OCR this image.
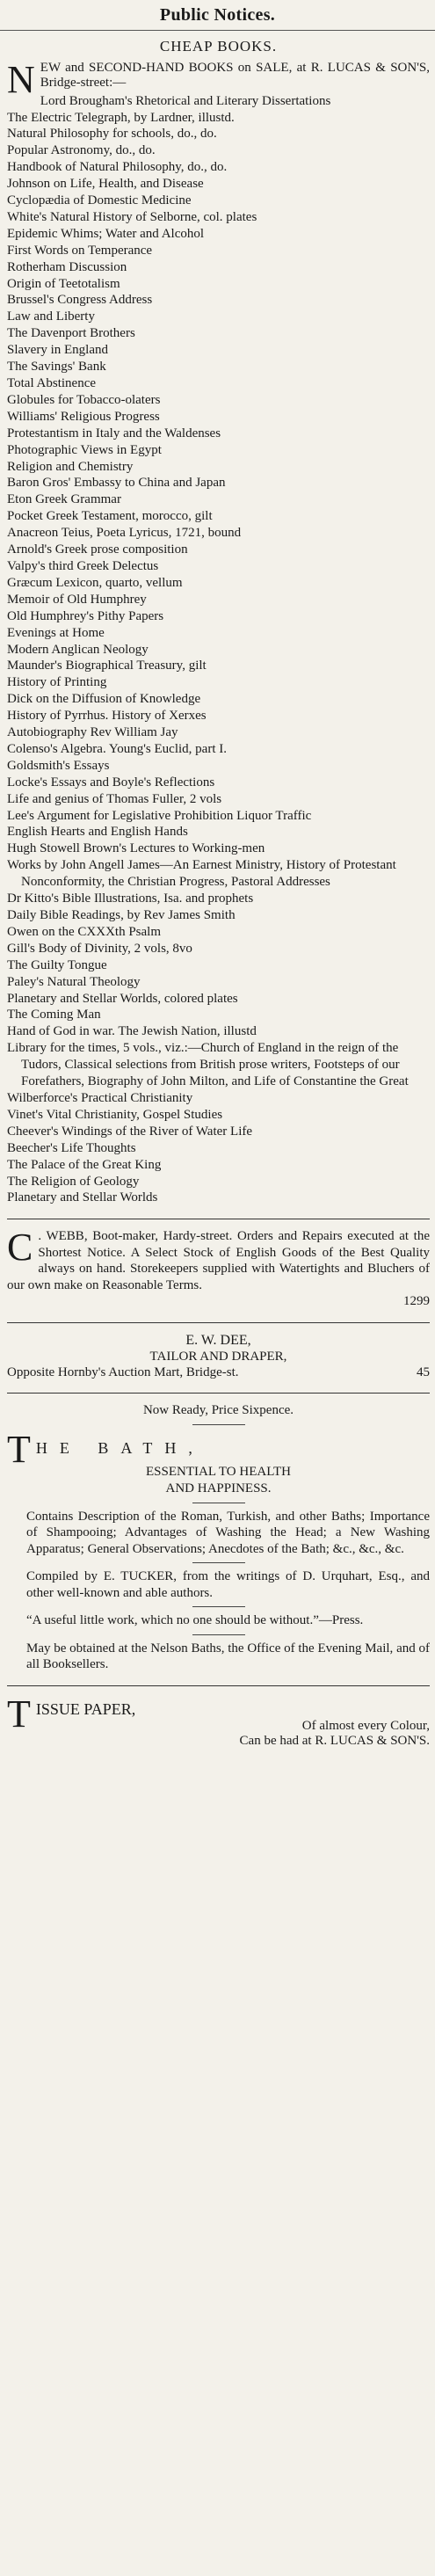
Public Notices.
CHEAP BOOKS.
N EW and SECOND-HAND BOOKS on SALE, at R. LUCAS & SON'S, Bridge-street:—
Lord Brougham's Rhetorical and Literary Dissertations
The Electric Telegraph, by Lardner, illustd.
Natural Philosophy for schools, do., do.
Popular Astronomy, do., do.
Handbook of Natural Philosophy, do., do.
Johnson on Life, Health, and Disease
Cyclopædia of Domestic Medicine
White's Natural History of Selborne, col. plates
Epidemic Whims; Water and Alcohol
First Words on Temperance
Rotherham Discussion
Origin of Teetotalism
Brussel's Congress Address
Law and Liberty
The Davenport Brothers
Slavery in England
The Savings' Bank
Total Abstinence
Globules for Tobacco-olaters
Williams' Religious Progress
Protestantism in Italy and the Waldenses
Photographic Views in Egypt
Religion and Chemistry
Baron Gros' Embassy to China and Japan
Eton Greek Grammar
Pocket Greek Testament, morocco, gilt
Anacreon Teius, Poeta Lyricus, 1721, bound
Arnold's Greek prose composition
Valpy's third Greek Delectus
Græcum Lexicon, quarto, vellum
Memoir of Old Humphrey
Old Humphrey's Pithy Papers
Evenings at Home
Modern Anglican Neology
Maunder's Biographical Treasury, gilt
History of Printing
Dick on the Diffusion of Knowledge
History of Pyrrhus. History of Xerxes
Autobiography Rev William Jay
Colenso's Algebra. Young's Euclid, part I.
Goldsmith's Essays
Locke's Essays and Boyle's Reflections
Life and genius of Thomas Fuller, 2 vols
Lee's Argument for Legislative Prohibition Liquor Traffic
English Hearts and English Hands
Hugh Stowell Brown's Lectures to Working-men
Works by John Angell James—An Earnest Ministry, History of Protestant Nonconformity, the Christian Progress, Pastoral Addresses
Dr Kitto's Bible Illustrations, Isa. and prophets
Daily Bible Readings, by Rev James Smith
Owen on the CXXXth Psalm
Gill's Body of Divinity, 2 vols, 8vo
The Guilty Tongue
Paley's Natural Theology
Planetary and Stellar Worlds, colored plates
The Coming Man
Hand of God in war. The Jewish Nation, illustd
Library for the times, 5 vols., viz.:—Church of England in the reign of the Tudors, Classical selections from British prose writers, Footsteps of our Forefathers, Biography of John Milton, and Life of Constantine the Great
Wilberforce's Practical Christianity
Vinet's Vital Christianity, Gospel Studies
Cheever's Windings of the River of Water Life
Beecher's Life Thoughts
The Palace of the Great King
The Religion of Geology
Planetary and Stellar Worlds
C . WEBB, Boot-maker, Hardy-street. Orders and Repairs executed at the Shortest Notice. A Select Stock of English Goods of the Best Quality always on hand. Storekeepers supplied with Watertights and Bluchers of our own make on Reasonable Terms.
1299
E. W. DEE,
TAILOR AND DRAPER,
Opposite Hornby's Auction Mart, Bridge-st.	45
Now Ready, Price Sixpence.
T HE BATH,
ESSENTIAL TO HEALTH
AND HAPPINESS.
Contains Description of the Roman, Turkish, and other Baths; Importance of Shampooing; Advantages of Washing the Head; a New Washing Apparatus; General Observations; Anecdotes of the Bath; &c., &c., &c.
Compiled by E. TUCKER, from the writings of D. Urquhart, Esq., and other well-known and able authors.
“A useful little work, which no one should be without.”—Press.
May be obtained at the Nelson Baths, the Office of the Evening Mail, and of all Booksellers.
T ISSUE PAPER,
Of almost every Colour,
Can be had at R. LUCAS & SON'S.
